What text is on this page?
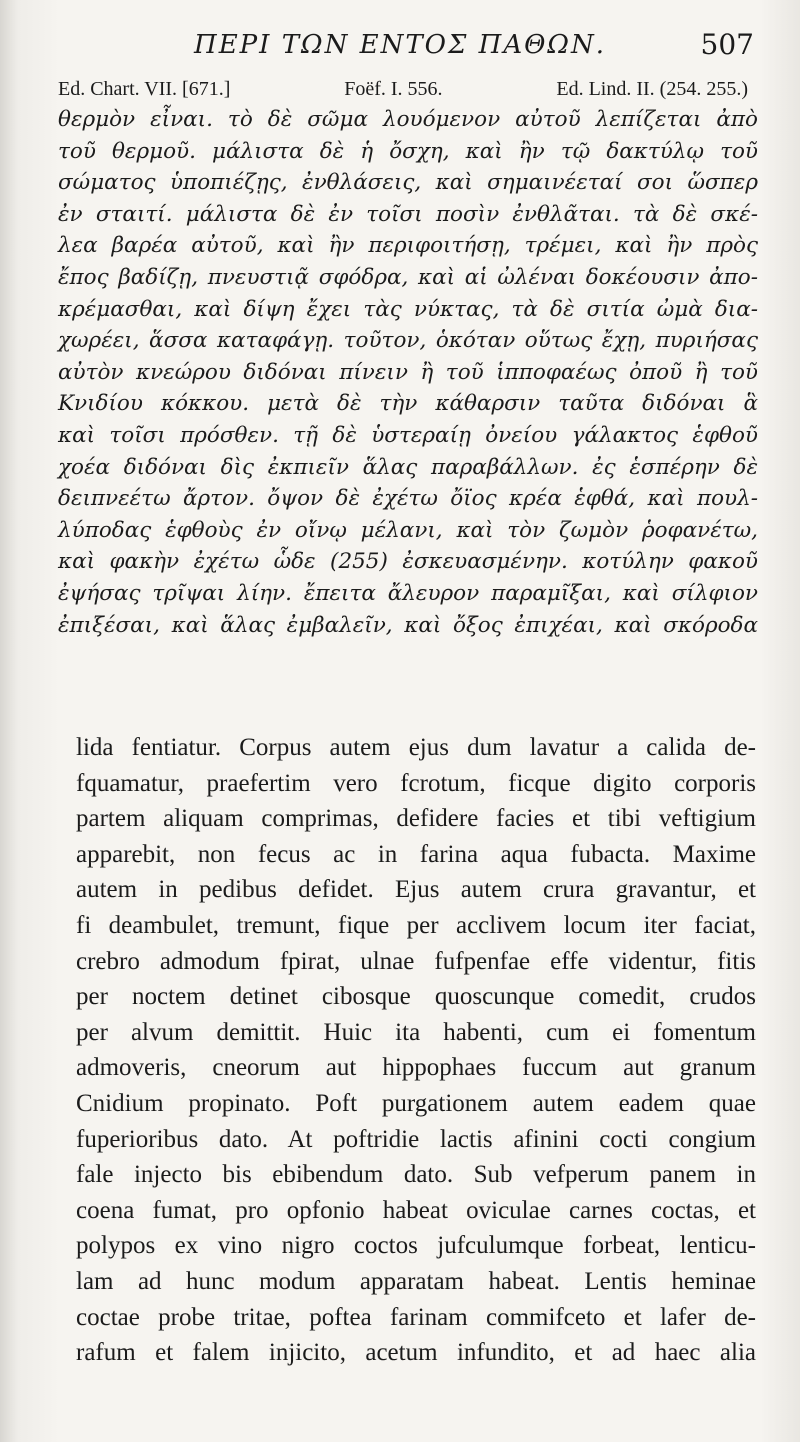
ΠΕΡΙ ΤΩΝ ΕΝΤΟΣ ΠΑΘΩΝ.	507
Ed. Chart. VII. [671.]	Foëf. I. 556.	Ed. Lind. II. (254. 255.)
θερμὸν εἶναι. τὸ δὲ σῶμα λουόμενον αὐτοῦ λεπίζεται ἀπὸ
τοῦ θερμοῦ. μάλιστα δὲ ἡ ὄσχη, καὶ ἢν τῷ δακτύλῳ τοῦ
σώματος ὑποπιέζῃς, ἐνθλάσεις, καὶ σημαινέεταί σοι ὥσπερ
ἐν σταιτί. μάλιστα δὲ ἐν τοῖσι ποσὶν ἐνθλᾶται. τὰ δὲ σκέ-
λεα βαρέα αὐτοῦ, καὶ ἢν περιφοιτήσῃ, τρέμει, καὶ ἢν πρὸς
ἔπος βαδίζῃ, πνευστιᾷ σφόδρα, καὶ αἱ ὠλέναι δοκέουσιν ἀπο-
κρέμασθαι, καὶ δίψη ἔχει τὰς νύκτας, τὰ δὲ σιτία ὠμὰ δια-
χωρέει, ἅσσα καταφάγῃ. τοῦτον, ὁκόταν οὕτως ἔχῃ, πυριήσας
αὐτὸν κνεώρου διδόναι πίνειν ἢ τοῦ ἱπποφαέως ὀποῦ ἢ τοῦ
Κνιδίου κόκκου. μετὰ δὲ τὴν κάθαρσιν ταῦτα διδόναι ἃ
καὶ τοῖσι πρόσθεν. τῇ δὲ ὑστεραίῃ ὀνείου γάλακτος ἑφθοῦ
χοέα διδόναι δὶς ἐκπιεῖν ἅλας παραβάλλων. ἐς ἑσπέρην δὲ
δειπνεέτω ἄρτον. ὄψον δὲ ἐχέτω ὄϊος κρέα ἑφθά, καὶ πουλ-
λύποδας ἑφθοὺς ἐν οἴνῳ μέλανι, καὶ τὸν ζωμὸν ῥοφανέτω,
καὶ φακὴν ἐχέτω ὧδε (255) ἐσκευασμένην. κοτύλην φακοῦ
ἐψήσας τρῖψαι λίην. ἔπειτα ἄλευρον παραμῖξαι, καὶ σίλφιον
ἐπιξέσαι, καὶ ἅλας ἐμβαλεῖν, καὶ ὄξος ἐπιχέαι, καὶ σκόροδα
lida fentiatur. Corpus autem ejus dum lavatur a calida de-
fquamatur, praefertim vero fcrotum, ficque digito corporis
partem aliquam comprimas, defidere facies et tibi veftigium
apparebit, non fecus ac in farina aqua fubacta. Maxime
autem in pedibus defidet. Ejus autem crura gravantur, et
fi deambulet, tremunt, fique per acclivem locum iter faciat,
crebro admodum fpirat, ulnae fufpenfae effe videntur, fitis
per noctem detinet cibosque quoscunque comedit, crudos
per alvum demittit. Huic ita habenti, cum ei fomentum
admoveris, cneorum aut hippophaes fuccum aut granum
Cnidium propinato. Poft purgationem autem eadem quae
fuperioribus dato. At poftridie lactis afinini cocti congium
fale injecto bis ebibendum dato. Sub vefperum panem in
coena fumat, pro opfonio habeat oviculae carnes coctas, et
polypos ex vino nigro coctos jufculumque forbeat, lenticu-
lam ad hunc modum apparatam habeat. Lentis heminae
coctae probe tritae, poftea farinam commifceto et lafer de-
rafum et falem injicito, acetum infundito, et ad haec alia
